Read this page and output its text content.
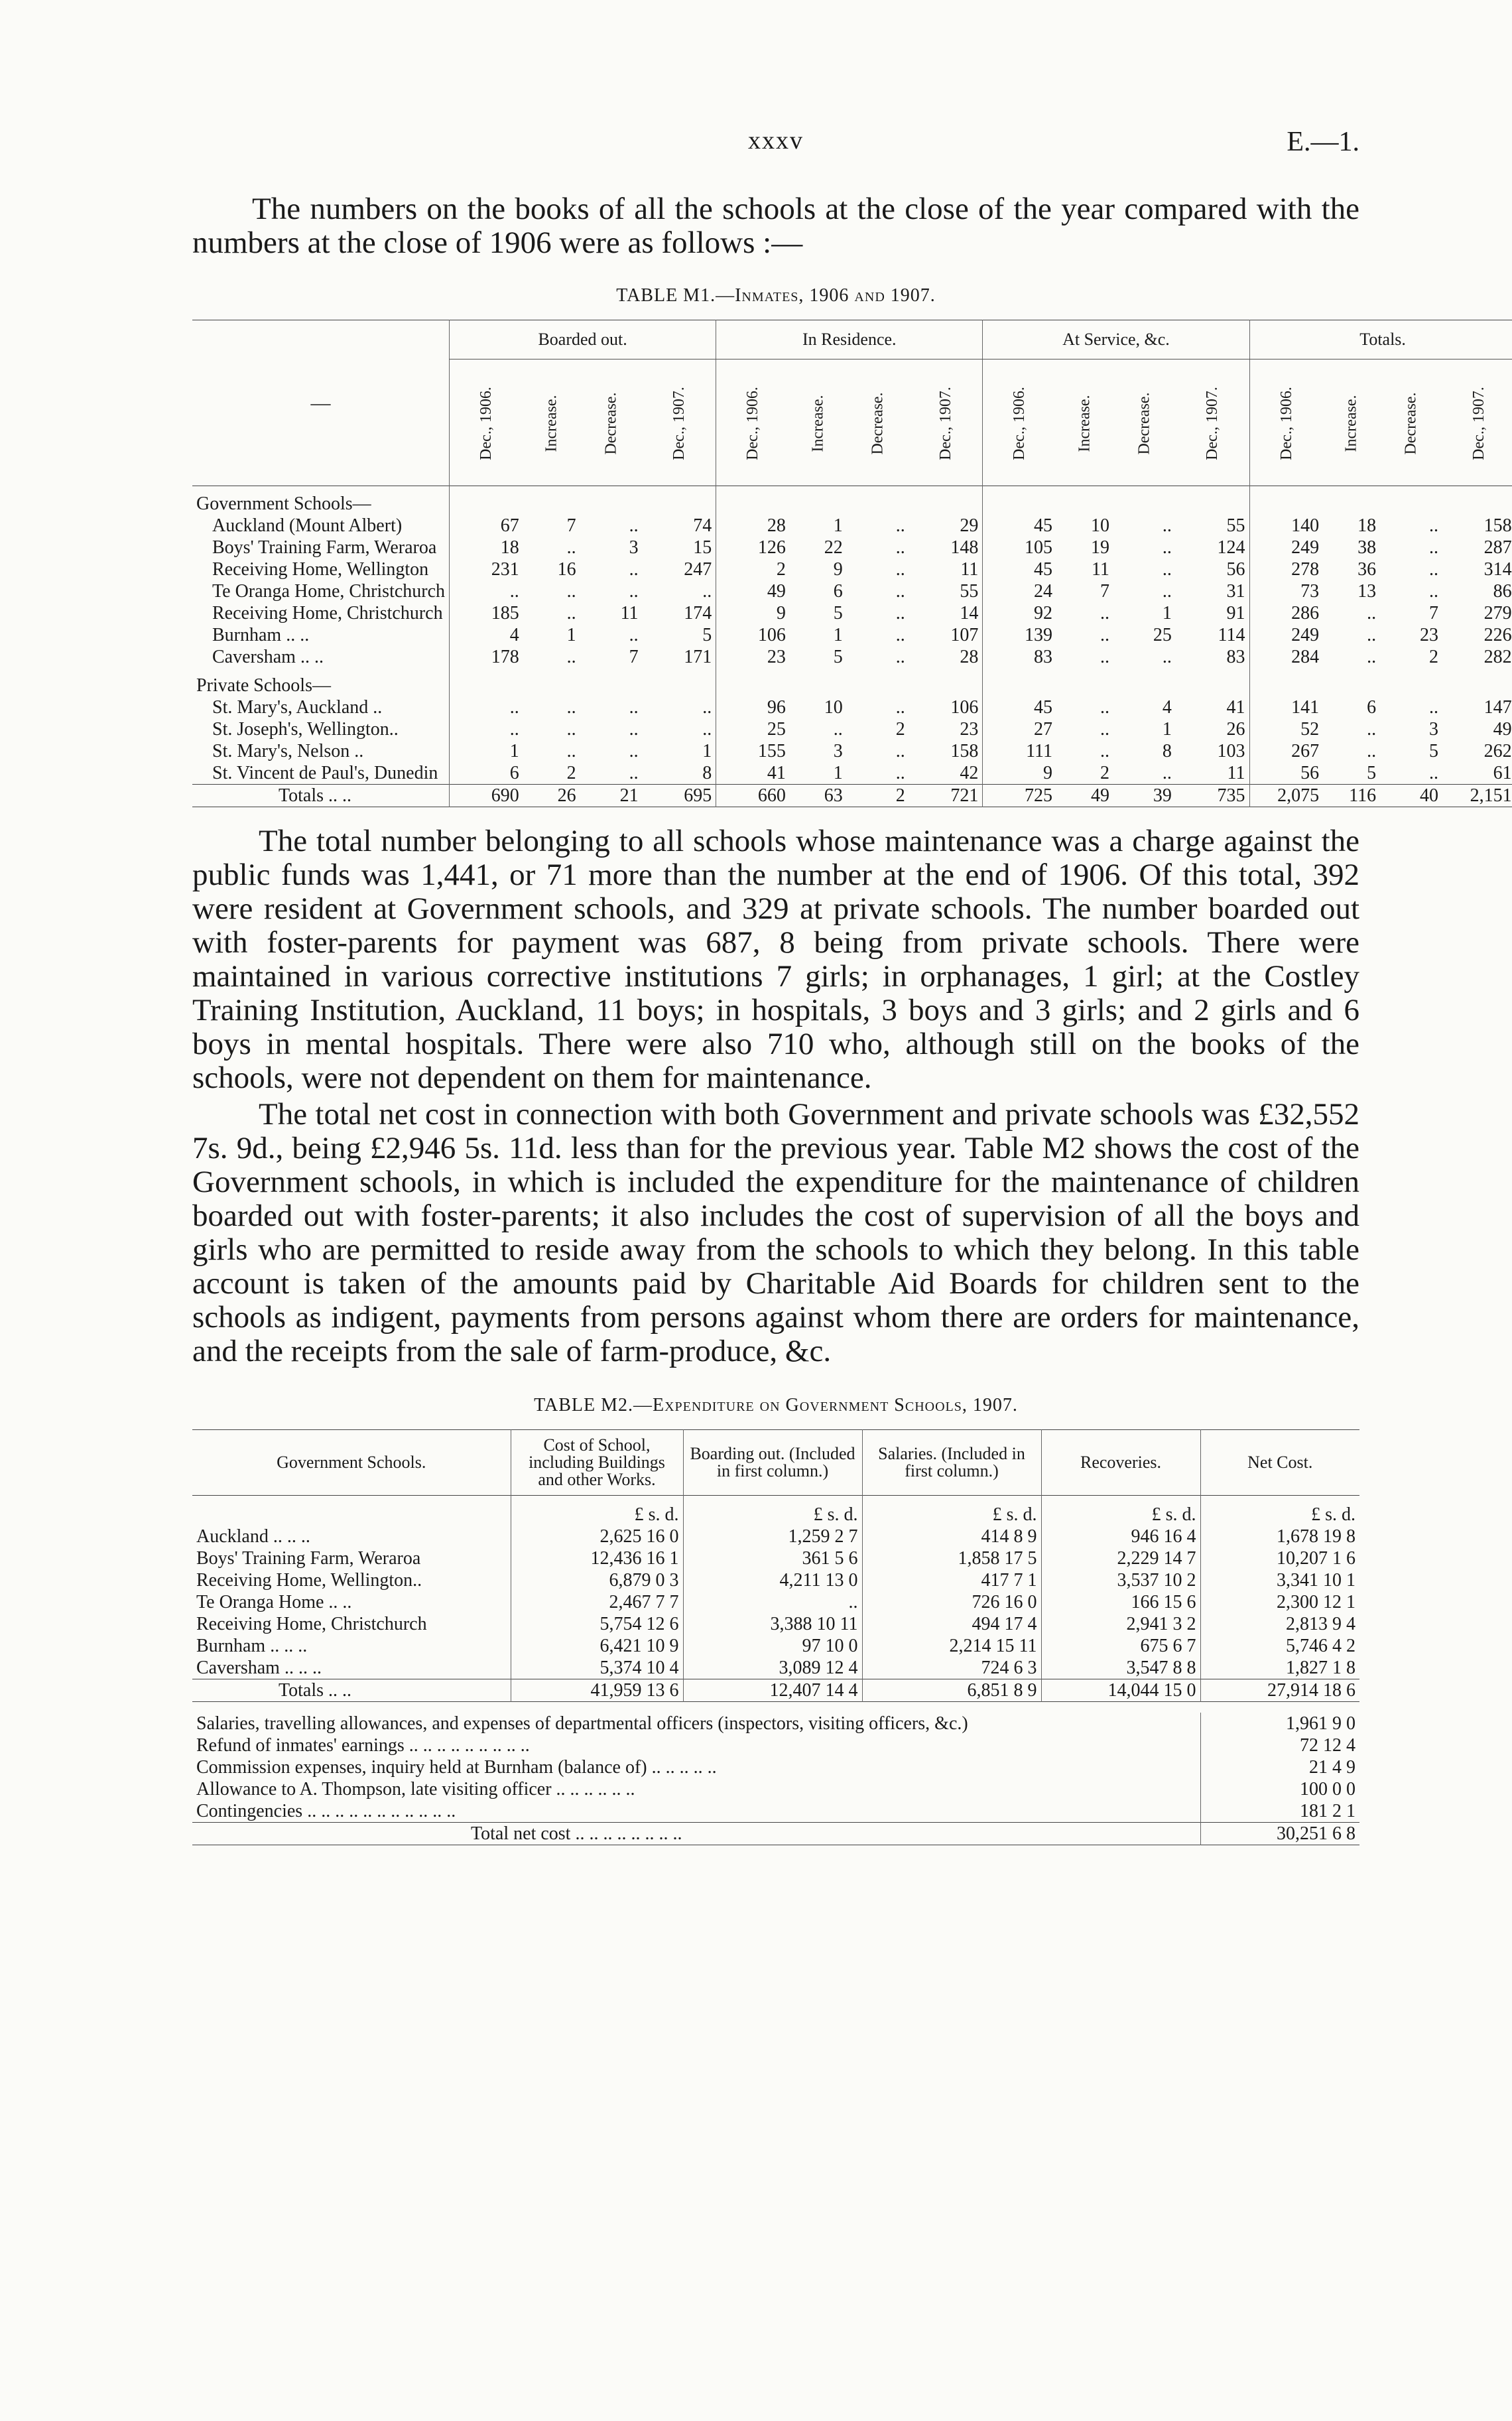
xxxv	E.—1.

The numbers on the books of all the schools at the close of the year compared with the numbers at the close of 1906 were as follows :—

TABLE M1.—Inmates, 1906 and 1907.
—	Boarded out.				In Residence.				At Service, &c.				Totals.			
	Dec., 1906.	Increase.	Decrease.	Dec., 1907.	Dec., 1906.	Increase.	Decrease.	Dec., 1907.	Dec., 1906.	Increase.	Decrease.	Dec., 1907.	Dec., 1906.	Increase.	Decrease.	Dec., 1907.
Government Schools—																
Auckland (Mount Albert)	67	7	..	74	28	1	..	29	45	10	..	55	140	18	..	158
Boys' Training Farm, Weraroa	18	..	3	15	126	22	..	148	105	19	..	124	249	38	..	287
Receiving Home, Wellington	231	16	..	247	2	9	..	11	45	11	..	56	278	36	..	314
Te Oranga Home, Christchurch	..	..	..	..	49	6	..	55	24	7	..	31	73	13	..	86
Receiving Home, Christchurch	185	..	11	174	9	5	..	14	92	..	1	91	286	..	7	279
Burnham .. ..	4	1	..	5	106	1	..	107	139	..	25	114	249	..	23	226
Caversham .. ..	178	..	7	171	23	5	..	28	83	..	..	83	284	..	2	282
Private Schools—																
St. Mary's, Auckland ..	..	..	..	..	96	10	..	106	45	..	4	41	141	6	..	147
St. Joseph's, Wellington..	..	..	..	..	25	..	2	23	27	..	1	26	52	..	3	49
St. Mary's, Nelson ..	1	..	..	1	155	3	..	158	111	..	8	103	267	..	5	262
St. Vincent de Paul's, Dunedin	6	2	..	8	41	1	..	42	9	2	..	11	56	5	..	61
Totals .. ..	690	26	21	695	660	63	2	721	725	49	39	735	2,075	116	40	2,151

The total number belonging to all schools whose maintenance was a charge against the public funds was 1,441, or 71 more than the number at the end of 1906. Of this total, 392 were resident at Government schools, and 329 at private schools. The number boarded out with foster-parents for payment was 687, 8 being from private schools. There were maintained in various corrective institutions 7 girls; in orphanages, 1 girl; at the Costley Training Institution, Auckland, 11 boys; in hospitals, 3 boys and 3 girls; and 2 girls and 6 boys in mental hospitals. There were also 710 who, although still on the books of the schools, were not dependent on them for maintenance.

The total net cost in connection with both Government and private schools was £32,552 7s. 9d., being £2,946 5s. 11d. less than for the previous year. Table M2 shows the cost of the Government schools, in which is included the expenditure for the maintenance of children boarded out with foster-parents; it also includes the cost of supervision of all the boys and girls who are permitted to reside away from the schools to which they belong. In this table account is taken of the amounts paid by Charitable Aid Boards for children sent to the schools as indigent, payments from persons against whom there are orders for maintenance, and the receipts from the sale of farm-produce, &c.

TABLE M2.—Expenditure on Government Schools, 1907.
Government Schools.	Cost of School, including Buildings and other Works.	Boarding out. (Included in first column.)	Salaries. (Included in first column.)	Recoveries.	Net Cost.
	£ s. d.	£ s. d.	£ s. d.	£ s. d.	£ s. d.
Auckland .. .. ..	2,625 16 0	1,259 2 7	414 8 9	946 16 4	1,678 19 8
Boys' Training Farm, Weraroa	12,436 16 1	361 5 6	1,858 17 5	2,229 14 7	10,207 1 6
Receiving Home, Wellington..	6,879 0 3	4,211 13 0	417 7 1	3,537 10 2	3,341 10 1
Te Oranga Home .. ..	2,467 7 7	..	726 16 0	166 15 6	2,300 12 1
Receiving Home, Christchurch	5,754 12 6	3,388 10 11	494 17 4	2,941 3 2	2,813 9 4
Burnham .. .. ..	6,421 10 9	97 10 0	2,214 15 11	675 6 7	5,746 4 2
Caversham .. .. ..	5,374 10 4	3,089 12 4	724 6 3	3,547 8 8	1,827 1 8
Totals .. ..	41,959 13 6	12,407 14 4	6,851 8 9	14,044 15 0	27,914 18 6

Salaries, travelling allowances, and expenses of departmental officers (inspectors, visiting officers, &c.)	1,961 9 0
Refund of inmates' earnings .. .. .. .. .. .. .. .. ..	72 12 4
Commission expenses, inquiry held at Burnham (balance of) .. .. .. .. ..	21 4 9
Allowance to A. Thompson, late visiting officer .. .. .. .. .. ..	100 0 0
Contingencies .. .. .. .. .. .. .. .. .. .. ..	181 2 1
Total net cost .. .. .. .. .. .. .. ..	30,251 6 8
